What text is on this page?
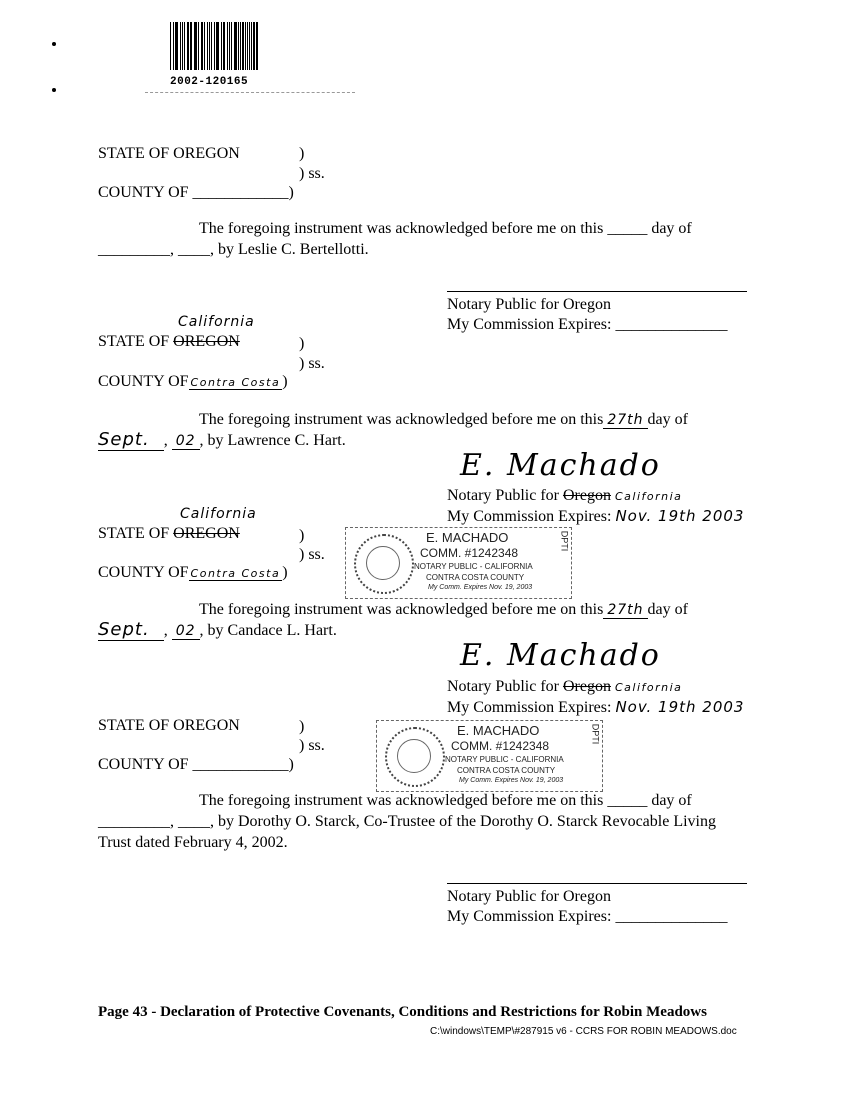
2002-120165
STATE OF OREGON	)
) ss.
COUNTY OF ____________)
The foregoing instrument was acknowledged before me on this _____ day of
_________, ____, by Leslie C. Bertellotti.
Notary Public for Oregon
My Commission Expires: ______________
California
STATE OF OREGON	)
) ss.
COUNTY OF Contra Costa )
The foregoing instrument was acknowledged before me on this 27th day of
Sept. , 02 , by Lawrence C. Hart.
E. Machado
Notary Public for Oregon California
My Commission Expires: Nov. 19th 2003
California
STATE OF OREGON	)
) ss.
COUNTY OF Contra Costa )
E. MACHADO
COMM. #1242348
NOTARY PUBLIC - CALIFORNIA
CONTRA COSTA COUNTY
My Comm. Expires Nov. 19, 2003
DPTI
The foregoing instrument was acknowledged before me on this 27th day of
Sept. , 02 , by Candace L. Hart.
E. Machado
Notary Public for Oregon California
My Commission Expires: Nov. 19th 2003
STATE OF OREGON	)
) ss.
COUNTY OF ____________)
E. MACHADO
COMM. #1242348
NOTARY PUBLIC - CALIFORNIA
CONTRA COSTA COUNTY
My Comm. Expires Nov. 19, 2003
DPTI
The foregoing instrument was acknowledged before me on this _____ day of
_________, ____, by Dorothy O. Starck, Co-Trustee of the Dorothy O. Starck Revocable Living
Trust dated February 4, 2002.
Notary Public for Oregon
My Commission Expires: ______________
Page 43 - Declaration of Protective Covenants, Conditions and Restrictions for Robin Meadows
C:\windows\TEMP\#287915 v6 - CCRS FOR ROBIN MEADOWS.doc
